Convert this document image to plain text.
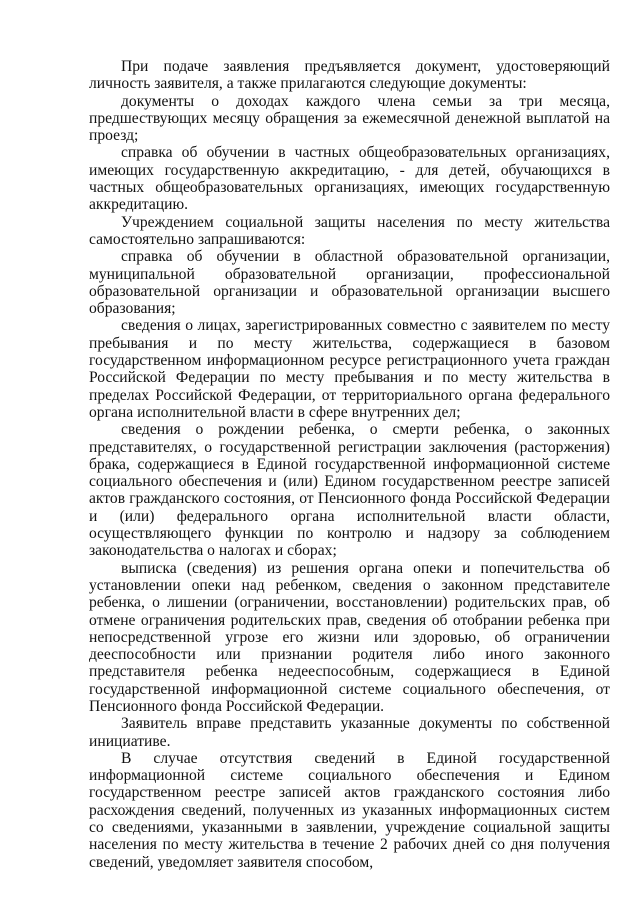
При подаче заявления предъявляется документ, удостоверяющий личность заявителя, а также прилагаются следующие документы:

документы о доходах каждого члена семьи за три месяца, предшествующих месяцу обращения за ежемесячной денежной выплатой на проезд;

справка об обучении в частных общеобразовательных организациях, имеющих государственную аккредитацию, - для детей, обучающихся в частных общеобразовательных организациях, имеющих государственную аккредитацию.

Учреждением социальной защиты населения по месту жительства самостоятельно запрашиваются:

справка об обучении в областной образовательной организации, муниципальной образовательной организации, профессиональной образовательной организации и образовательной организации высшего образования;

сведения о лицах, зарегистрированных совместно с заявителем по месту пребывания и по месту жительства, содержащиеся в базовом государственном информационном ресурсе регистрационного учета граждан Российской Федерации по месту пребывания и по месту жительства в пределах Российской Федерации, от территориального органа федерального органа исполнительной власти в сфере внутренних дел;

сведения о рождении ребенка, о смерти ребенка, о законных представителях, о государственной регистрации заключения (расторжения) брака, содержащиеся в Единой государственной информационной системе социального обеспечения и (или) Едином государственном реестре записей актов гражданского состояния, от Пенсионного фонда Российской Федерации и (или) федерального органа исполнительной власти области, осуществляющего функции по контролю и надзору за соблюдением законодательства о налогах и сборах;

выписка (сведения) из решения органа опеки и попечительства об установлении опеки над ребенком, сведения о законном представителе ребенка, о лишении (ограничении, восстановлении) родительских прав, об отмене ограничения родительских прав, сведения об отобрании ребенка при непосредственной угрозе его жизни или здоровью, об ограничении дееспособности или признании родителя либо иного законного представителя ребенка недееспособным, содержащиеся в Единой государственной информационной системе социального обеспечения, от Пенсионного фонда Российской Федерации.

Заявитель вправе представить указанные документы по собственной инициативе.

В случае отсутствия сведений в Единой государственной информационной системе социального обеспечения и Едином государственном реестре записей актов гражданского состояния либо расхождения сведений, полученных из указанных информационных систем со сведениями, указанными в заявлении, учреждение социальной защиты населения по месту жительства в течение 2 рабочих дней со дня получения сведений, уведомляет заявителя способом,
